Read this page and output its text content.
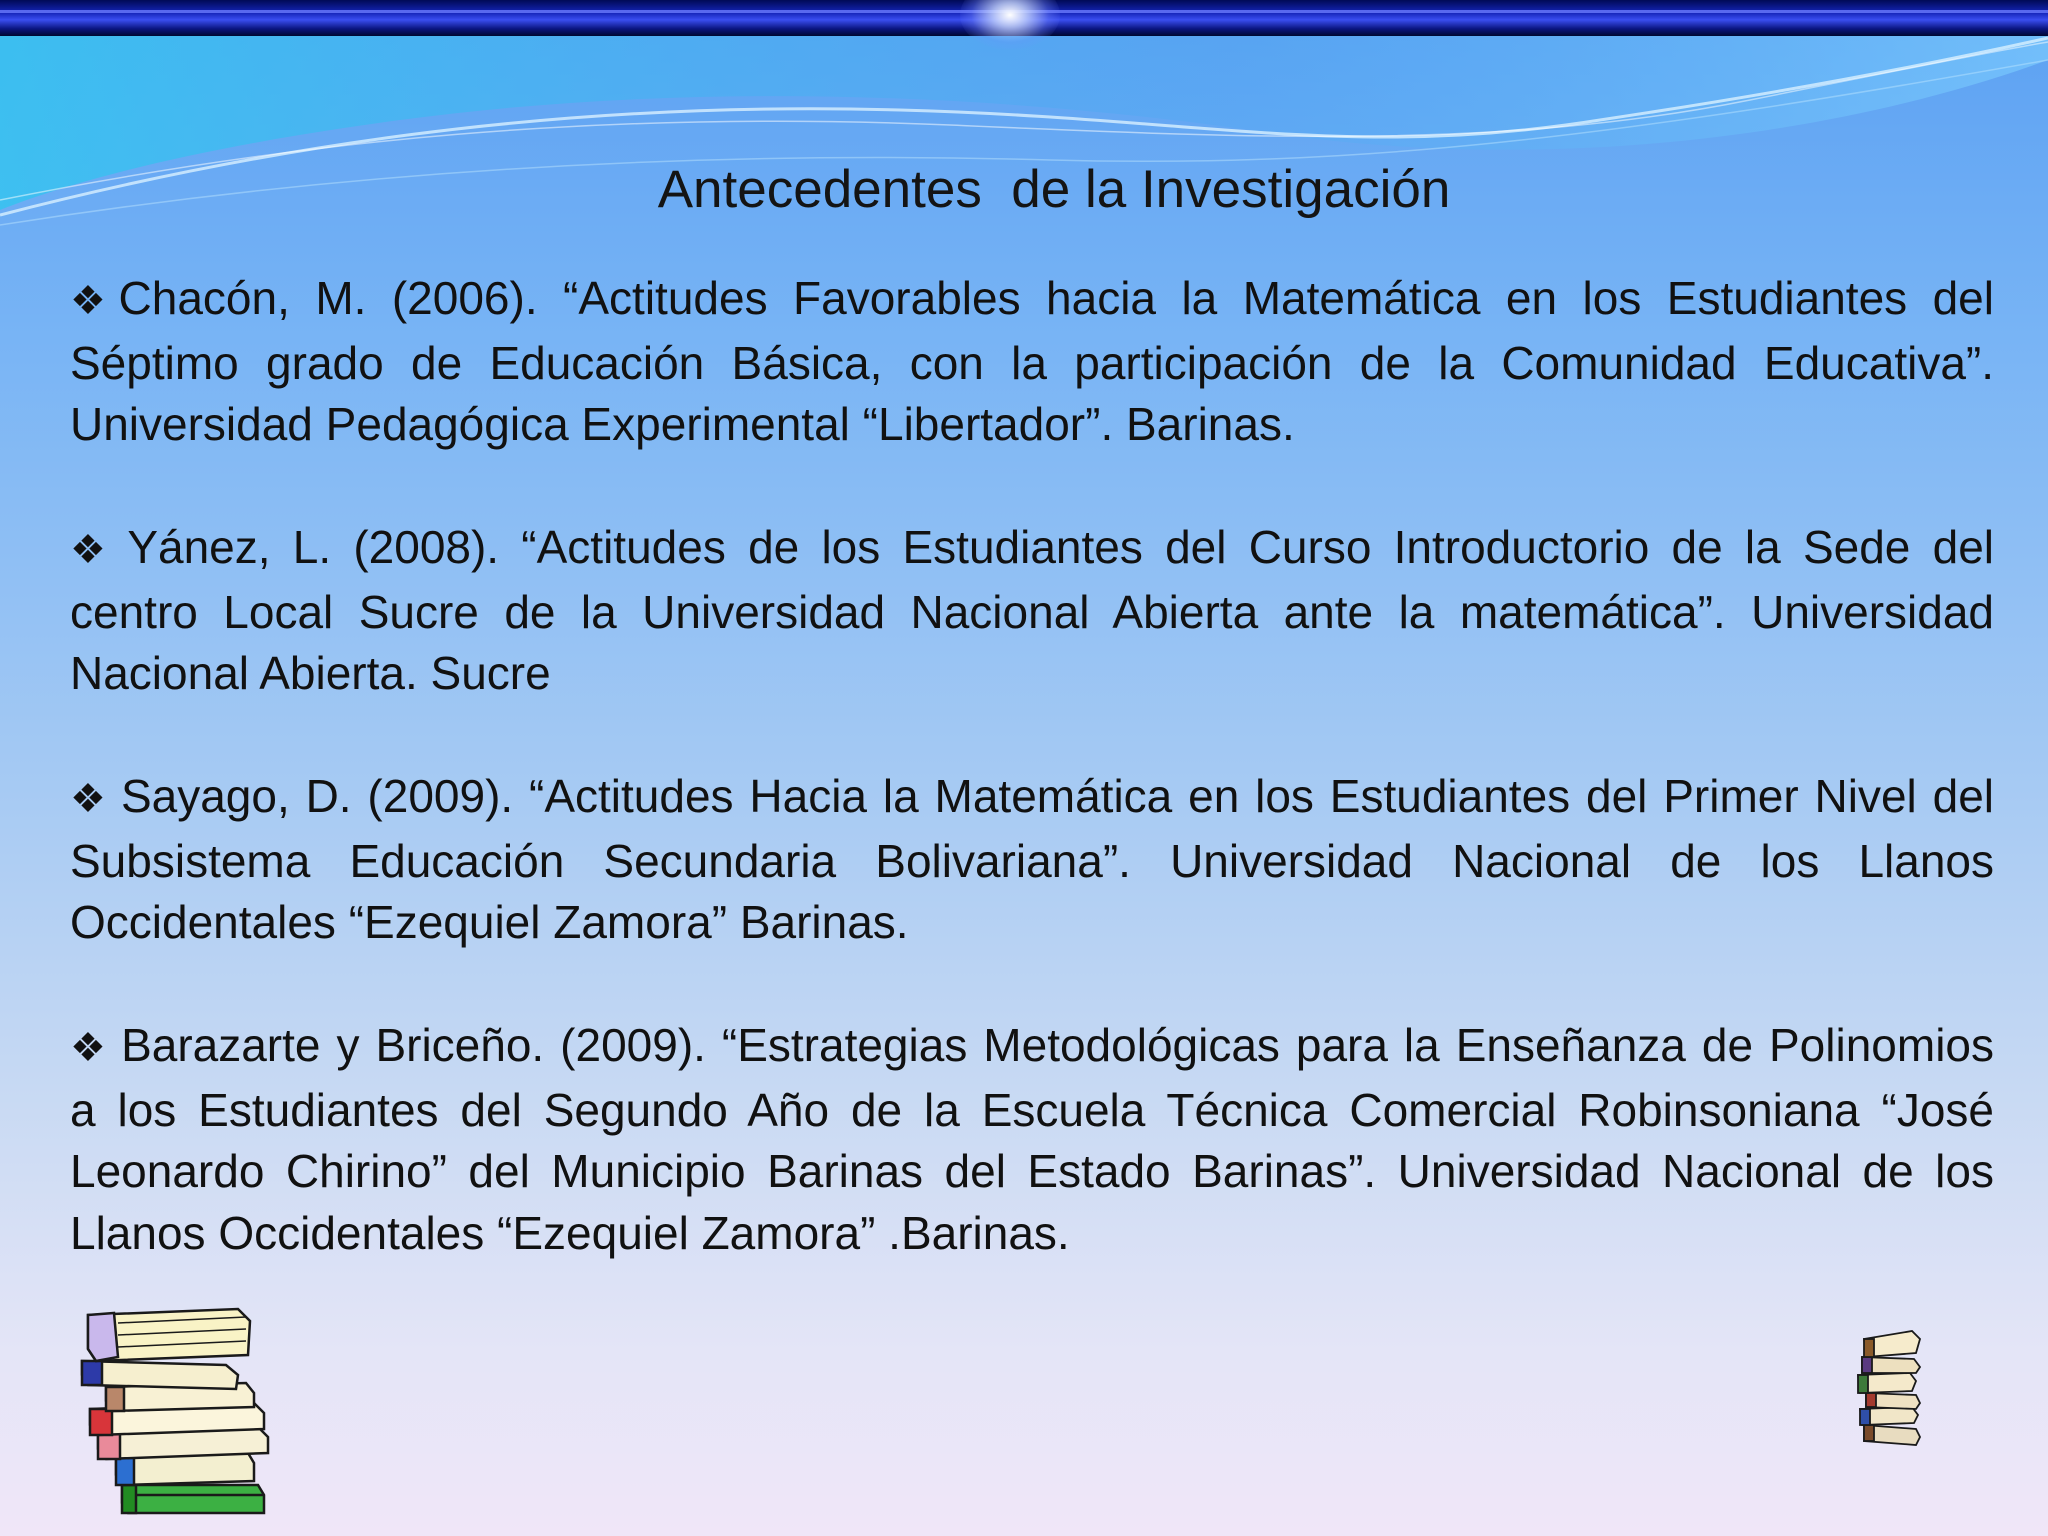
Antecedentes  de la Investigación

❖Chacón, M. (2006). “Actitudes Favorables hacia la Matemática en los Estudiantes del Séptimo grado de Educación Básica, con la participación de la Comunidad Educativa”. Universidad Pedagógica Experimental “Libertador”. Barinas.

❖ Yánez, L. (2008). “Actitudes de los Estudiantes del Curso Introductorio de la Sede del centro Local Sucre de la Universidad Nacional Abierta ante la matemática”. Universidad Nacional Abierta. Sucre

❖ Sayago, D. (2009). “Actitudes Hacia la Matemática en los Estudiantes del Primer Nivel del Subsistema Educación Secundaria Bolivariana”. Universidad Nacional de los Llanos Occidentales “Ezequiel Zamora” Barinas.

❖ Barazarte y Briceño. (2009). “Estrategias Metodológicas para la Enseñanza de Polinomios a los Estudiantes del Segundo Año de la Escuela Técnica Comercial Robinsoniana “José Leonardo Chirino” del Municipio Barinas del Estado Barinas”. Universidad Nacional de los Llanos Occidentales “Ezequiel Zamora” .Barinas.
